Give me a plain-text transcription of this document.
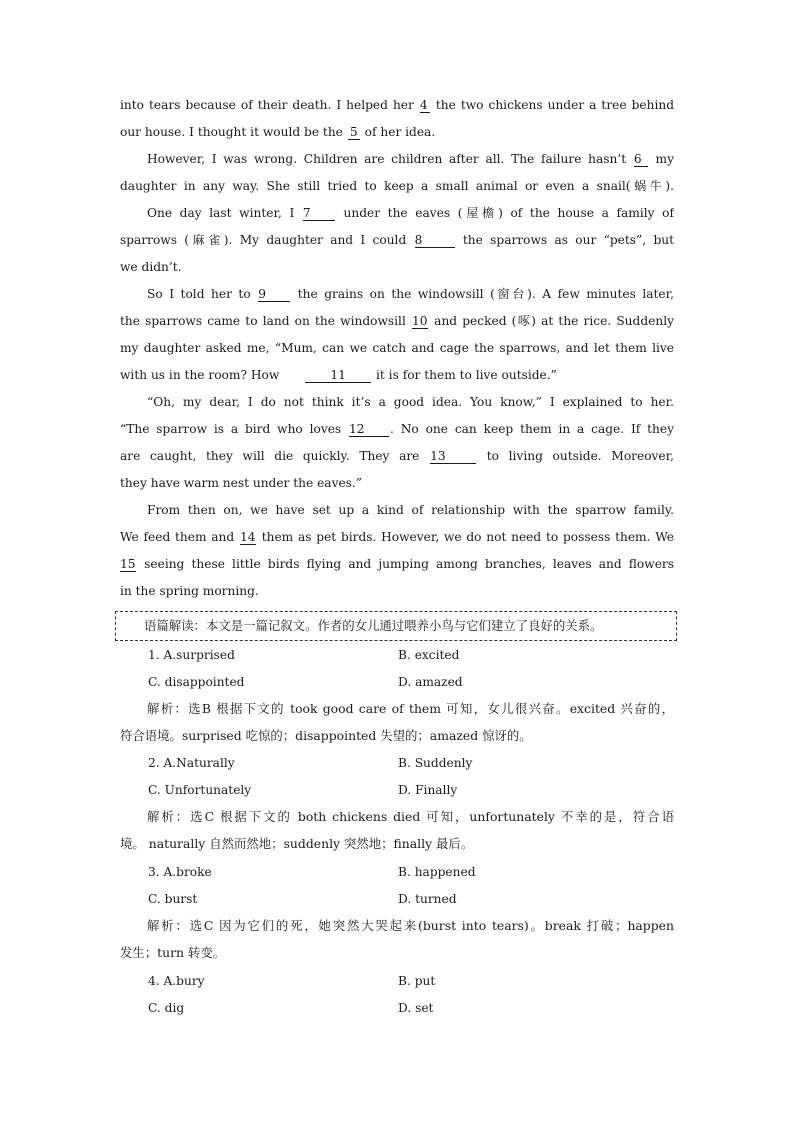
into tears because of their death. I helped her 4 the two chickens under a tree behind
our house. I thought it would be the 5 of her idea.
However, I was wrong. Children are children after all. The failure hasn’t 6 my
daughter in any way. She still tried to keep a small animal or even a snail(蜗牛).
One day last winter, I 7 under the eaves (屋檐) of the house a family of
sparrows (麻雀). My daughter and I could 8	the sparrows as our “pets”, but
we didn’t.
So I told her to 9 the grains on the windowsill (窗台). A few minutes later,
the sparrows came to land on the windowsill 10 and pecked (啄) at the rice. Suddenly
my daughter asked me, “Mum, can we catch and cage the sparrows, and let them live
with us in the room? How	11 it is for them to live outside.”
“Oh, my dear, I do not think it’s a good idea. You know,” I explained to her.
“The sparrow is a bird who loves 12 . No one can keep them in a cage. If they
are caught, they will die quickly. They are 13	to living outside. Moreover,
they have warm nest under the eaves.”
From then on, we have set up a kind of relationship with the sparrow family.
We feed them and 14 them as pet birds. However, we do not need to possess them. We
15 seeing these little birds flying and jumping among branches, leaves and flowers
in the spring morning.
语篇解读：本文是一篇记叙文。作者的女儿通过喂养小鸟与它们建立了良好的关系。
1. A.surprised	B. excited
C. disappointed	D. amazed
解析：选B 根据下文的 took good care of them 可知，女儿很兴奋。excited 兴奋的，
符合语境。surprised 吃惊的；disappointed 失望的；amazed 惊讶的。
2. A.Naturally	B. Suddenly
C. Unfortunately	D. Finally
解析：选C 根据下文的 both chickens died 可知，unfortunately 不幸的是，符合语
境。 naturally 自然而然地；suddenly 突然地；finally 最后。
3. A.broke	B. happened
C. burst	D. turned
解析：选C 因为它们的死，她突然大哭起来(burst into tears)。break 打破；happen
发生；turn 转变。
4. A.bury	B. put
C. dig	D. set
